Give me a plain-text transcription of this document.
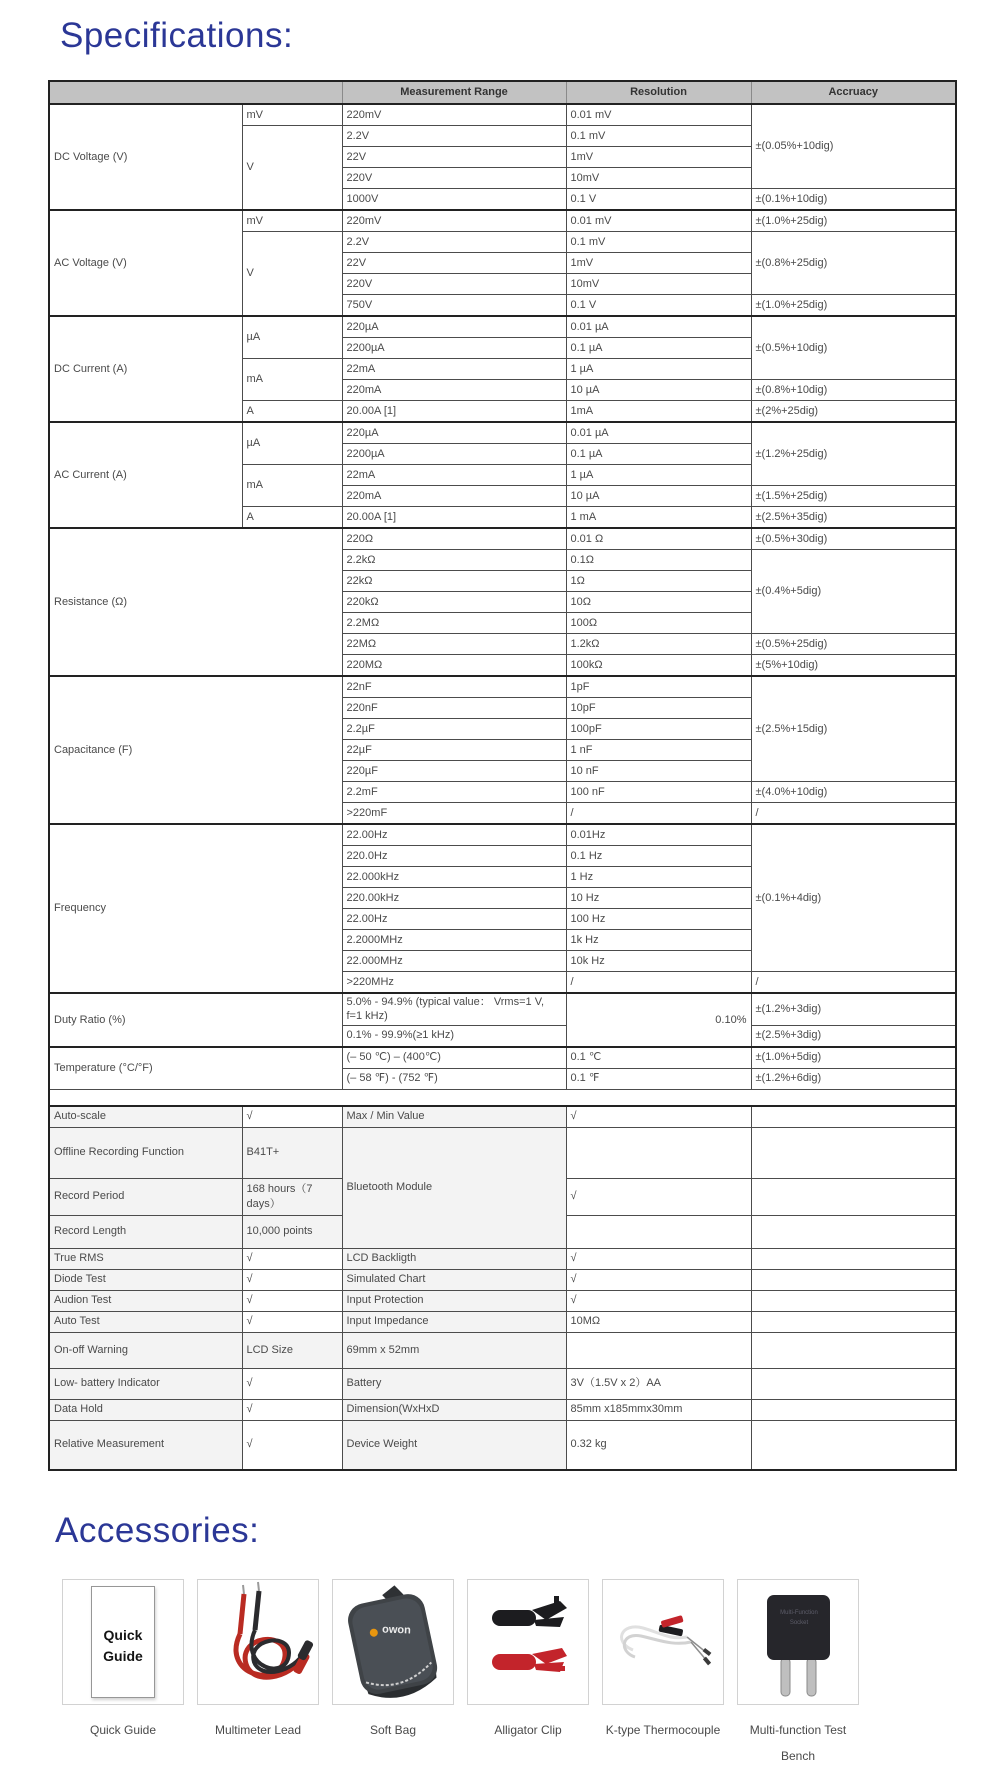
Specifications:
		Measurement Range	Resolution	Accruacy
DC Voltage (V)	mV	220mV	0.01 mV	±(0.05%+10dig)
	V	2.2V	0.1 mV	
		22V	1mV	
		220V	10mV	
		1000V	0.1 V	±(0.1%+10dig)
AC Voltage (V)	mV	220mV	0.01 mV	±(1.0%+25dig)
	V	2.2V	0.1 mV	±(0.8%+25dig)
		22V	1mV	
		220V	10mV	
		750V	0.1 V	±(1.0%+25dig)
DC Current (A)	µA	220µA	0.01 µA	±(0.5%+10dig)
		2200µA	0.1 µA	
	mA	22mA	1 µA	
		220mA	10 µA	±(0.8%+10dig)
	A	20.00A [1]	1mA	±(2%+25dig)
AC Current (A)	µA	220µA	0.01 µA	±(1.2%+25dig)
		2200µA	0.1 µA	
	mA	22mA	1 µA	
		220mA	10 µA	±(1.5%+25dig)
	A	20.00A [1]	1 mA	±(2.5%+35dig)
Resistance (Ω)		220Ω	0.01 Ω	±(0.5%+30dig)
		2.2kΩ	0.1Ω	±(0.4%+5dig)
		22kΩ	1Ω	
		220kΩ	10Ω	
		2.2MΩ	100Ω	
		22MΩ	1.2kΩ	±(0.5%+25dig)
		220MΩ	100kΩ	±(5%+10dig)
Capacitance (F)		22nF	1pF	±(2.5%+15dig)
		220nF	10pF	
		2.2µF	100pF	
		22µF	1 nF	
		220µF	10 nF	
		2.2mF	100 nF	±(4.0%+10dig)
		>220mF	/	/
Frequency		22.00Hz	0.01Hz	±(0.1%+4dig)
		220.0Hz	0.1 Hz	
		22.000kHz	1 Hz	
		220.00kHz	10 Hz	
		22.00Hz	100 Hz	
		2.2000MHz	1k Hz	
		22.000MHz	10k Hz	
		>220MHz	/	/
Duty Ratio (%)		5.0% - 94.9% (typical value： Vrms=1 V, f=1 kHz)	0.10%	±(1.2%+3dig)
		0.1% - 99.9%(≥1 kHz)		±(2.5%+3dig)
Temperature (°C/°F)		(– 50 ℃) – (400℃)	0.1 ℃	±(1.0%+5dig)
		(– 58 ℉) - (752 ℉)	0.1 ℉	±(1.2%+6dig)

Auto-scale	√	Max / Min Value	√	
Offline Recording Function	B41T+	Bluetooth Module		
Record Period	168 hours（7 days）		√	
Record Length	10,000 points			
True RMS	√	LCD Backligth	√	
Diode Test	√	Simulated Chart	√	
Audion Test	√	Input Protection	√	
Auto Test	√	Input Impedance	10MΩ	
On-off Warning	LCD Size	69mm x 52mm		
Low- battery Indicator	√	Battery	3V（1.5V x 2）AA	
Data Hold	√	Dimension(WxHxD	85mm x185mmx30mm	
Relative Measurement	√	Device Weight	0.32 kg	
Accessories:
Quick Guide
Quick Guide	Multimeter Lead
owon
Soft Bag	Alligator Clip	K-type Thermocouple
Multi-Function Socket
Multi-function Test Bench
